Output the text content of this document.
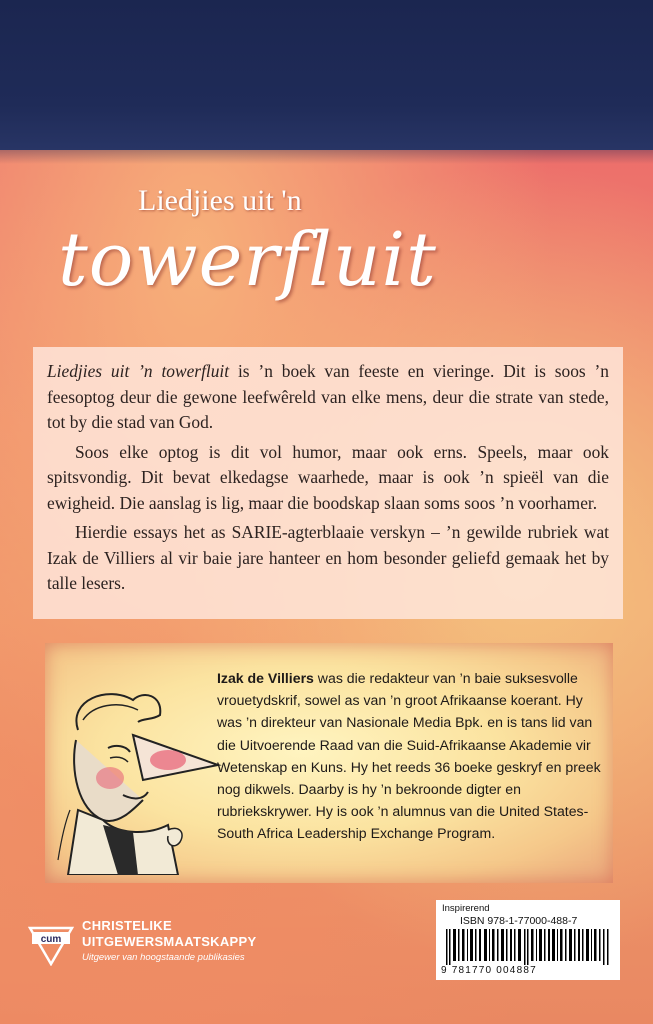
Liedjies uit 'n
towerfluit

Liedjies uit ’n towerfluit is ’n boek van feeste en vieringe. Dit is soos ’n feesoptog deur die gewone leefwêreld van elke mens, deur die strate van stede, tot by die stad van God.

Soos elke optog is dit vol humor, maar ook erns. Speels, maar ook spitsvondig. Dit bevat elkedagse waarhede, maar is ook ’n spieël van die ewigheid. Die aanslag is lig, maar die boodskap slaan soms soos ’n voorhamer.

Hierdie essays het as SARIE-agterblaaie verskyn – ’n gewilde rubriek wat Izak de Villiers al vir baie jare hanteer en hom besonder geliefd gemaak het by talle lesers.

Izak de Villiers was die redakteur van ’n baie suksesvolle vrouetydskrif, sowel as van ’n groot Afrikaanse koerant. Hy was ’n direkteur van Nasionale Media Bpk. en is tans lid van die Uitvoerende Raad van die Suid-Afrikaanse Akademie vir Wetenskap en Kuns. Hy het reeds 36 boeke geskryf en preek nog dikwels. Daarby is hy ’n bekroonde digter en rubriekskrywer. Hy is ook ’n alumnus van die United States-South Africa Leadership Exchange Program.
cum
CHRISTELIKE
UITGEWERSMAATSKAPPY
Uitgewer van hoogstaande publikasies
Inspirerend
ISBN 978-1-77000-488-7
9 781770 004887
